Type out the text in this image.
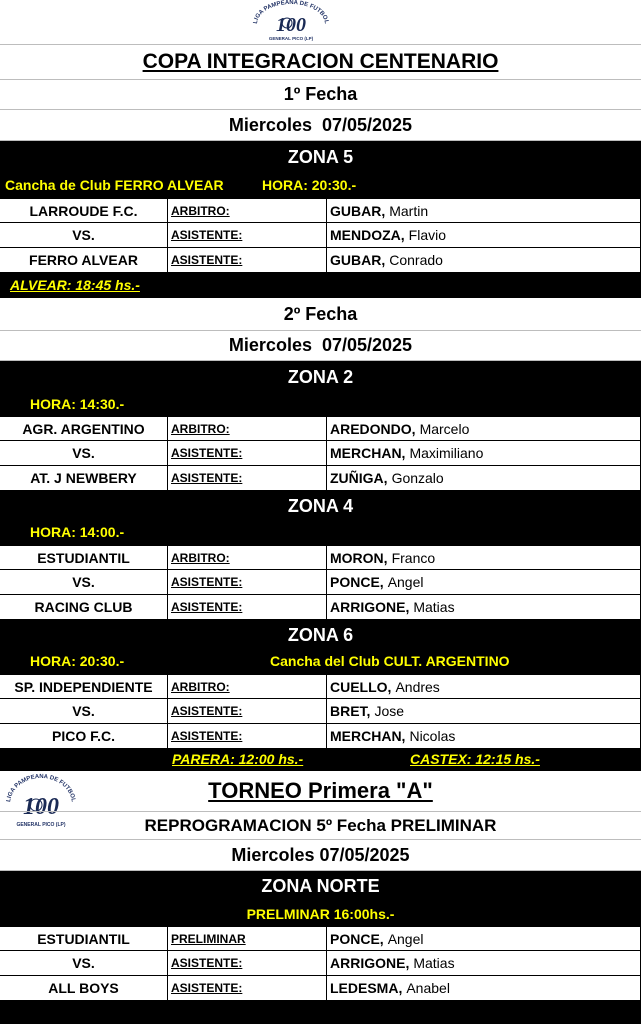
LIGA PAMPEANA DE FUTBOL
100
GENERAL PICO (LP)
COPA INTEGRACION CENTENARIO
1º Fecha
Miercoles  07/05/2025
ZONA 5
Cancha de Club FERRO ALVEAR	HORA: 20:30.-
LARROUDE F.C.	ARBITRO:	GUBAR, Martin
VS.	ASISTENTE:	MENDOZA, Flavio
FERRO ALVEAR	ASISTENTE:	GUBAR, Conrado
ALVEAR: 18:45 hs.-
2º Fecha
Miercoles  07/05/2025
ZONA 2
HORA: 14:30.-
AGR. ARGENTINO	ARBITRO:	AREDONDO, Marcelo
VS.	ASISTENTE:	MERCHAN, Maximiliano
AT. J NEWBERY	ASISTENTE:	ZUÑIGA, Gonzalo
ZONA 4
HORA: 14:00.-
ESTUDIANTIL	ARBITRO:	MORON, Franco
VS.	ASISTENTE:	PONCE, Angel
RACING CLUB	ASISTENTE:	ARRIGONE, Matias
ZONA 6
HORA: 20:30.-	Cancha del Club CULT. ARGENTINO
SP. INDEPENDIENTE	ARBITRO:	CUELLO, Andres
VS.	ASISTENTE:	BRET, Jose
PICO F.C.	ASISTENTE:	MERCHAN, Nicolas
PARERA: 12:00 hs.-	CASTEX: 12:15 hs.-
LIGA PAMPEANA DE FUTBOL
100
GENERAL PICO (LP)
TORNEO Primera "A"
REPROGRAMACION 5º Fecha PRELIMINAR
Miercoles 07/05/2025
ZONA NORTE
PRELMINAR 16:00hs.-
ESTUDIANTIL	PRELIMINAR	PONCE, Angel
VS.	ASISTENTE:	ARRIGONE, Matias
ALL BOYS	ASISTENTE:	LEDESMA, Anabel
